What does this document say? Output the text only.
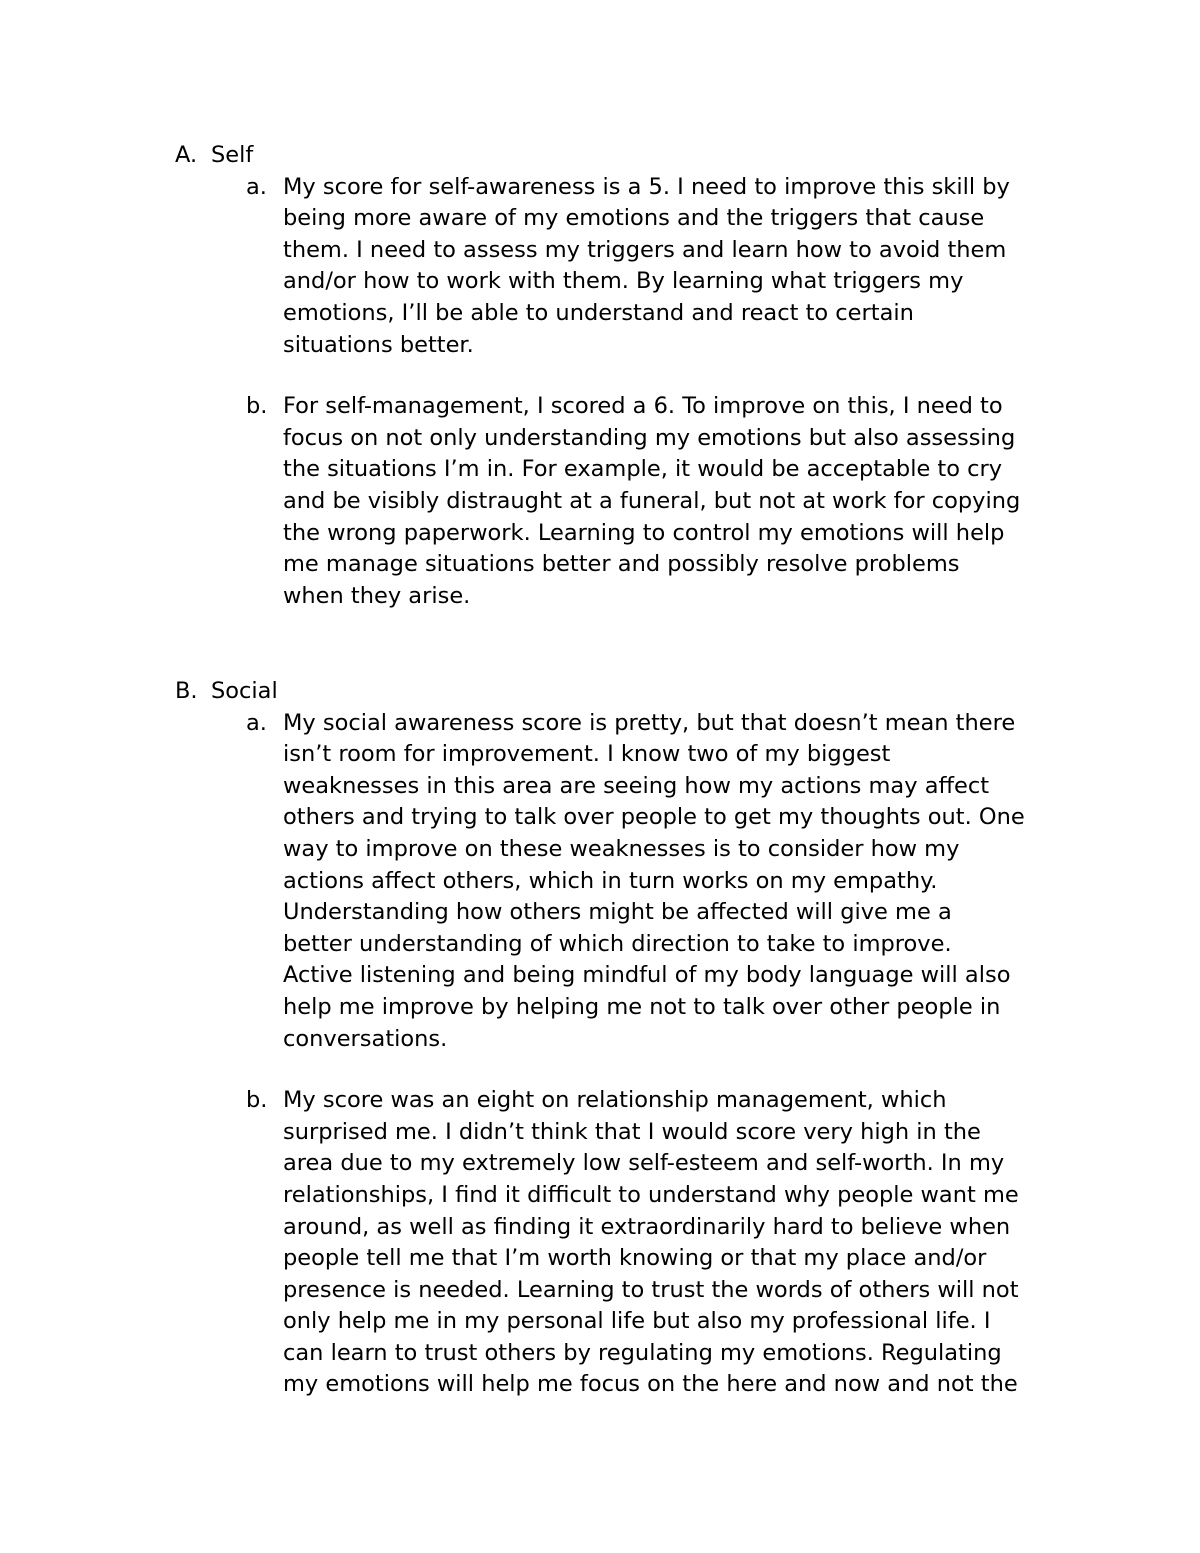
A. Self
a. My score for self-awareness is a 5. I need to improve this skill by
being more aware of my emotions and the triggers that cause
them. I need to assess my triggers and learn how to avoid them
and/or how to work with them. By learning what triggers my
emotions, I’ll be able to understand and react to certain
situations better.
b. For self-management, I scored a 6. To improve on this, I need to
focus on not only understanding my emotions but also assessing
the situations I’m in. For example, it would be acceptable to cry
and be visibly distraught at a funeral, but not at work for copying
the wrong paperwork. Learning to control my emotions will help
me manage situations better and possibly resolve problems
when they arise.
B. Social
a. My social awareness score is pretty, but that doesn’t mean there
isn’t room for improvement. I know two of my biggest
weaknesses in this area are seeing how my actions may affect
others and trying to talk over people to get my thoughts out. One
way to improve on these weaknesses is to consider how my
actions affect others, which in turn works on my empathy.
Understanding how others might be affected will give me a
better understanding of which direction to take to improve.
Active listening and being mindful of my body language will also
help me improve by helping me not to talk over other people in
conversations.
b. My score was an eight on relationship management, which
surprised me. I didn’t think that I would score very high in the
area due to my extremely low self-esteem and self-worth. In my
relationships, I find it difficult to understand why people want me
around, as well as finding it extraordinarily hard to believe when
people tell me that I’m worth knowing or that my place and/or
presence is needed. Learning to trust the words of others will not
only help me in my personal life but also my professional life. I
can learn to trust others by regulating my emotions. Regulating
my emotions will help me focus on the here and now and not the
